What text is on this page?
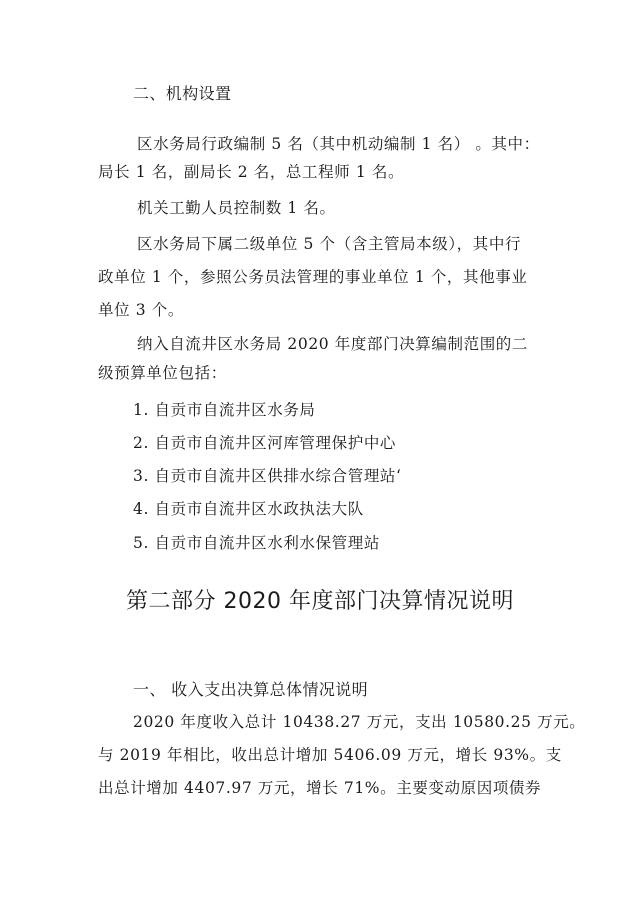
二、机构设置
区水务局行政编制 5 名（其中机动编制 1 名） 。其中：
局长 1 名，副局长 2 名，总工程师 1 名。
机关工勤人员控制数 1 名。
区水务局下属二级单位 5 个（含主管局本级），其中行
政单位 1 个，参照公务员法管理的事业单位 1 个，其他事业
单位 3 个。
纳入自流井区水务局 2020 年度部门决算编制范围的二
级预算单位包括：
1. 自贡市自流井区水务局
2. 自贡市自流井区河库管理保护中心
3. 自贡市自流井区供排水综合管理站‘
4. 自贡市自流井区水政执法大队
5. 自贡市自流井区水利水保管理站
第二部分 2020 年度部门决算情况说明
一、 收入支出决算总体情况说明
2020 年度收入总计 10438.27 万元，支出 10580.25 万元。
与 2019 年相比，收出总计增加 5406.09 万元，增长 93%。支
出总计增加 4407.97 万元，增长 71%。主要变动原因项债券
